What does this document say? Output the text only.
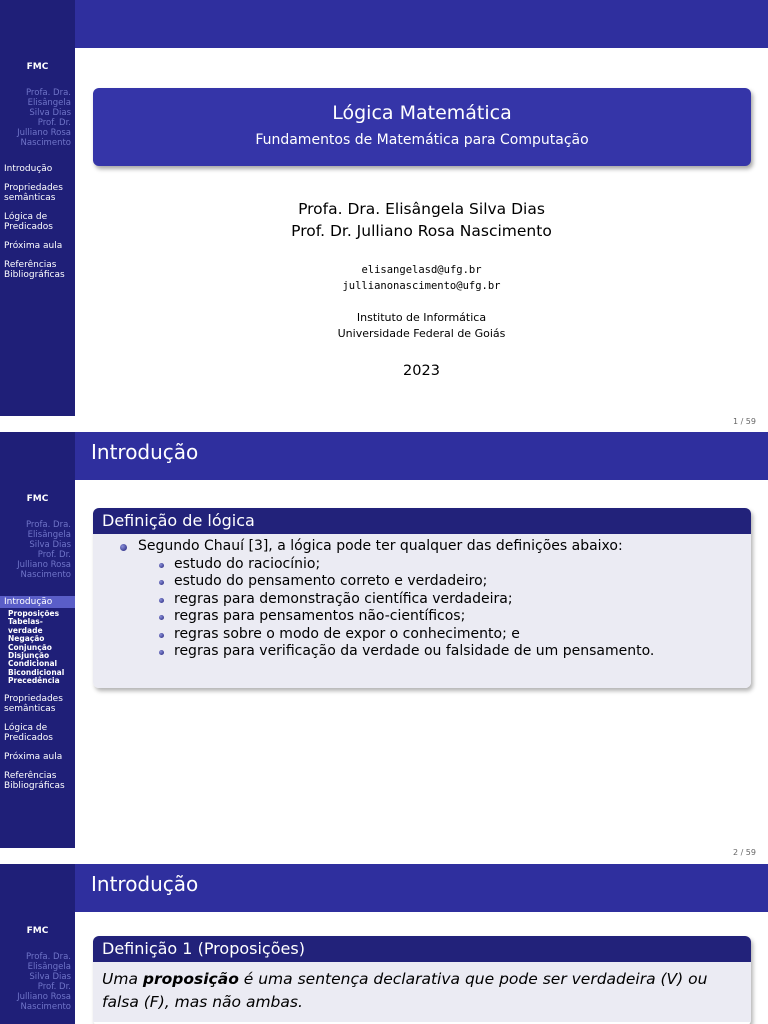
FMC
Profa. Dra.
Elisângela
Silva Dias
Prof. Dr.
Julliano Rosa
Nascimento
Introdução
Propriedades semânticas
Lógica de Predicados
Próxima aula
Referências Bibliográficas
Lógica Matemática
Fundamentos de Matemática para Computação
Profa. Dra. Elisângela Silva Dias
Prof. Dr. Julliano Rosa Nascimento
elisangelasd@ufg.br
jullianonascimento@ufg.br
Instituto de Informática
Universidade Federal de Goiás
2023
1 / 59
FMC
Profa. Dra.
Elisângela
Silva Dias
Prof. Dr.
Julliano Rosa
Nascimento
Introdução
Proposições
Tabelas-verdade
Negação
Conjunção
Disjunção
Condicional
Bicondicional
Precedência
Propriedades semânticas
Lógica de Predicados
Próxima aula
Referências Bibliográficas
Introdução
Definição de lógica
Segundo Chauí [3], a lógica pode ter qualquer das definições abaixo:
estudo do raciocínio;
estudo do pensamento correto e verdadeiro;
regras para demonstração científica verdadeira;
regras para pensamentos não-científicos;
regras sobre o modo de expor o conhecimento; e
regras para verificação da verdade ou falsidade de um pensamento.
2 / 59
FMC
Profa. Dra.
Elisângela
Silva Dias
Prof. Dr.
Julliano Rosa
Nascimento
Introdução
Definição 1 (Proposições)
Uma proposição é uma sentença declarativa que pode ser verdadeira (V) ou falsa (F), mas não ambas.
